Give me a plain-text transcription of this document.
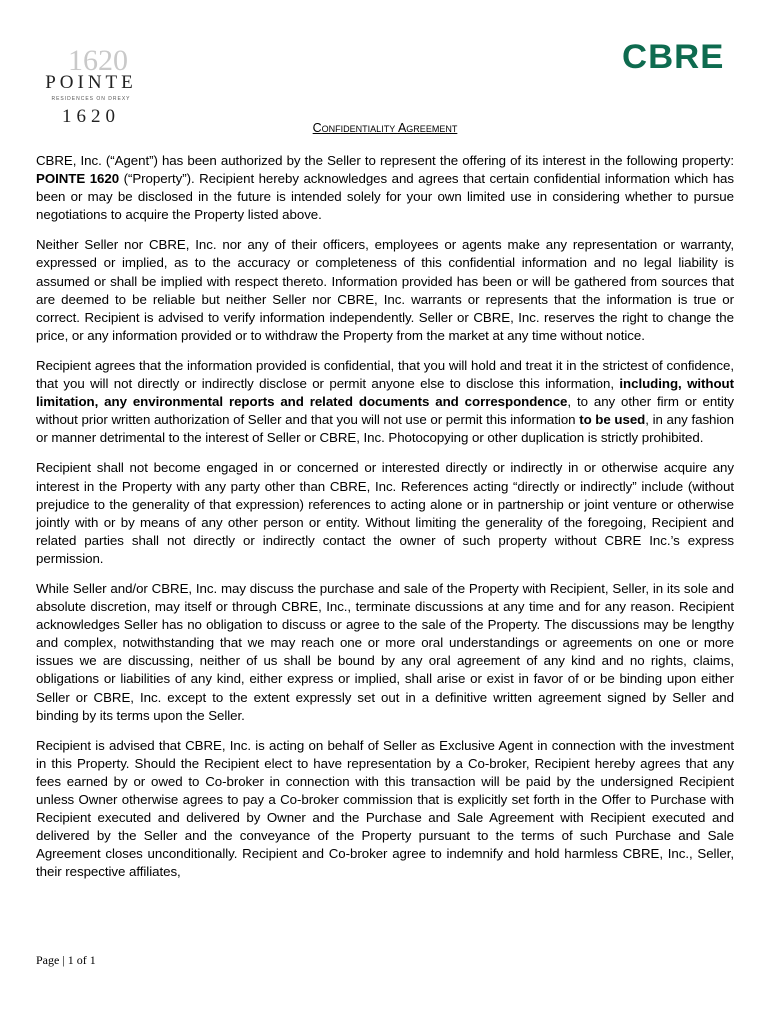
1620
POINTE
RESIDENCES ON DREXY
1620
CBRE
Confidentiality Agreement

CBRE, Inc. (“Agent”) has been authorized by the Seller to represent the offering of its interest in the following property: POINTE 1620 (“Property”). Recipient hereby acknowledges and agrees that certain confidential information which has been or may be disclosed in the future is intended solely for your own limited use in considering whether to pursue negotiations to acquire the Property listed above.

Neither Seller nor CBRE, Inc. nor any of their officers, employees or agents make any representation or warranty, expressed or implied, as to the accuracy or completeness of this confidential information and no legal liability is assumed or shall be implied with respect thereto. Information provided has been or will be gathered from sources that are deemed to be reliable but neither Seller nor CBRE, Inc. warrants or represents that the information is true or correct. Recipient is advised to verify information independently. Seller or CBRE, Inc. reserves the right to change the price, or any information provided or to withdraw the Property from the market at any time without notice.

Recipient agrees that the information provided is confidential, that you will hold and treat it in the strictest of confidence, that you will not directly or indirectly disclose or permit anyone else to disclose this information, including, without limitation, any environmental reports and related documents and correspondence, to any other firm or entity without prior written authorization of Seller and that you will not use or permit this information to be used, in any fashion or manner detrimental to the interest of Seller or CBRE, Inc. Photocopying or other duplication is strictly prohibited.

Recipient shall not become engaged in or concerned or interested directly or indirectly in or otherwise acquire any interest in the Property with any party other than CBRE, Inc. References acting “directly or indirectly” include (without prejudice to the generality of that expression) references to acting alone or in partnership or joint venture or otherwise jointly with or by means of any other person or entity. Without limiting the generality of the foregoing, Recipient and related parties shall not directly or indirectly contact the owner of such property without CBRE Inc.’s express permission.

While Seller and/or CBRE, Inc. may discuss the purchase and sale of the Property with Recipient, Seller, in its sole and absolute discretion, may itself or through CBRE, Inc., terminate discussions at any time and for any reason. Recipient acknowledges Seller has no obligation to discuss or agree to the sale of the Property. The discussions may be lengthy and complex, notwithstanding that we may reach one or more oral understandings or agreements on one or more issues we are discussing, neither of us shall be bound by any oral agreement of any kind and no rights, claims, obligations or liabilities of any kind, either express or implied, shall arise or exist in favor of or be binding upon either Seller or CBRE, Inc. except to the extent expressly set out in a definitive written agreement signed by Seller and binding by its terms upon the Seller.

Recipient is advised that CBRE, Inc. is acting on behalf of Seller as Exclusive Agent in connection with the investment in this Property. Should the Recipient elect to have representation by a Co-broker, Recipient hereby agrees that any fees earned by or owed to Co-broker in connection with this transaction will be paid by the undersigned Recipient unless Owner otherwise agrees to pay a Co-broker commission that is explicitly set forth in the Offer to Purchase with Recipient executed and delivered by Owner and the Purchase and Sale Agreement with Recipient executed and delivered by the Seller and the conveyance of the Property pursuant to the terms of such Purchase and Sale Agreement closes unconditionally. Recipient and Co-broker agree to indemnify and hold harmless CBRE, Inc., Seller, their respective affiliates,

Page | 1 of 1
